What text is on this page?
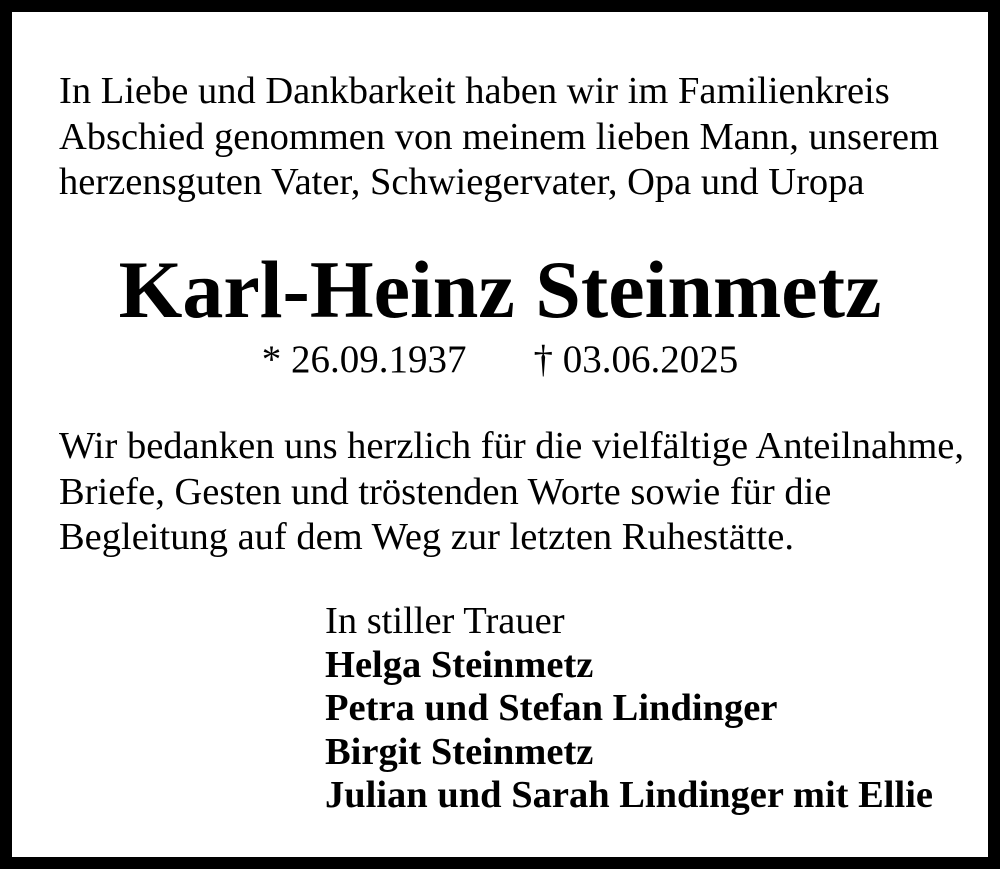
In Liebe und Dankbarkeit haben wir im Familienkreis
Abschied genommen von meinem lieben Mann, unserem
herzensguten Vater, Schwiegervater, Opa und Uropa
Karl-Heinz Steinmetz
* 26.09.1937 † 03.06.2025
Wir bedanken uns herzlich für die vielfältige Anteilnahme,
Briefe, Gesten und tröstenden Worte sowie für die
Begleitung auf dem Weg zur letzten Ruhestätte.
In stiller Trauer
Helga Steinmetz
Petra und Stefan Lindinger
Birgit Steinmetz
Julian und Sarah Lindinger mit Ellie
